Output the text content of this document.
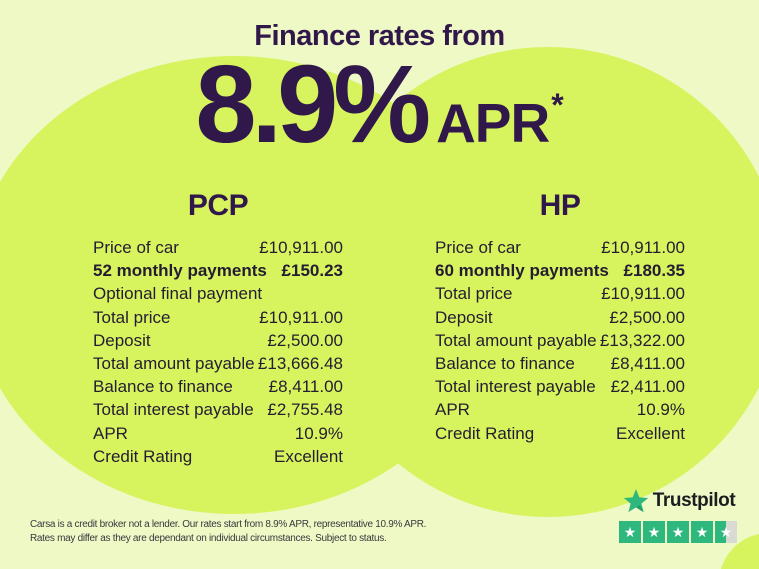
Finance rates from
8.9% APR *
PCP
Price of car	£10,911.00
52 monthly payments £150.23
Optional final payment
Total price	£10,911.00
Deposit	£2,500.00
Total amount payable £13,666.48
Balance to finance £8,411.00
Total interest payable £2,755.48
APR	10.9%
Credit Rating	Excellent
HP
Price of car	£10,911.00
60 monthly payments £180.35
Total price	£10,911.00
Deposit	£2,500.00
Total amount payable £13,322.00
Balance to finance £8,411.00
Total interest payable £2,411.00
APR	10.9%
Credit Rating	Excellent
Carsa is a credit broker not a lender. Our rates start from 8.9% APR, representative 10.9% APR.
Rates may differ as they are dependant on individual circumstances. Subject to status.
Trustpilot
★ ★ ★ ★ ★
